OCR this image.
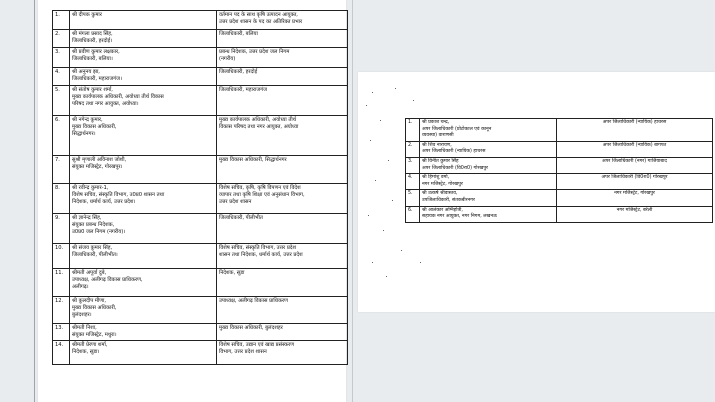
1.	श्री दीपक कुमार	वर्तमान पद के साथ कृषि उत्पादन आयुक्त,
उत्तर प्रदेश शासन के पद का अतिरिक्त प्रभार

2.	श्री मंगला प्रसाद सिंह,
जिलाधिकारी, हरदोई।	जिलाधिकारी, बलिया

3.	श्री प्रवीण कुमार लक्षकार,
जिलाधिकारी, बलिया।	प्रबन्ध निदेशक, उत्तर प्रदेश जल निगम
(नगरीय)

4.	श्री अनुनय झा,
जिलाधिकारी, महाराजगंज।	जिलाधिकारी, हरदोई

5.	श्री संतोष कुमार शर्मा,
मुख्य कार्यपालक अधिकारी, अयोध्या तीर्थ विकास
परिषद तथा नगर आयुक्त, अयोध्या।	जिलाधिकारी, महाराजगंज

6.	श्री नगेन्द्र कुमार,
मुख्य विकास अधिकारी,
सिद्धार्थनगर।	मुख्य कार्यपालक अधिकारी, अयोध्या तीर्थ
विकास परिषद तथा नगर आयुक्त, अयोध्या

7.	सुश्री मृणाली अविनाश जोशी,
संयुक्त मजिस्ट्रेट, गोरखपुर।	मुख्य विकास अधिकारी, सिद्धार्थनगर

8.	श्री रवीन्द्र कुमार-1,
विशेष सचिव, संस्कृति विभाग, उ0प्र0 शासन तथा
निदेशक, धर्मार्थ कार्य, उत्तर प्रदेश।	विशेष सचिव, कृषि, कृषि विपणन एवं विदेश
व्यापार तथा कृषि शिक्षा एवं अनुसंधान विभाग,
उत्तर प्रदेश शासन

9.	श्री ज्ञानेन्द्र सिंह,
संयुक्त प्रबन्ध निदेशक,
उ0प्र0 जल निगम (नगरीय)।	जिलाधिकारी, पीलीभीत

10.	श्री संजय कुमार सिंह,
जिलाधिकारी, पीलीभीत।	विशेष सचिव, संस्कृति विभाग, उत्तर प्रदेश
शासन तथा निदेशक, धर्मार्थ कार्य, उत्तर प्रदेश

11.	श्रीमती अपूर्वा दुबे,
उपाध्यक्ष, अलीगढ़ विकास प्राधिकरण,
अलीगढ़।	निदेशक, सूडा

12.	श्री कुलदीप मीणा,
मुख्य विकास अधिकारी,
बुलंदशहर।	उपाध्यक्ष, अलीगढ़ विकास प्राधिकरण

13.	श्रीमती निशा,
संयुक्त मजिस्ट्रेट, मथुरा।	मुख्य विकास अधिकारी, बुलंदशहर

14.	श्रीमती प्रेरणा शर्मा,
निदेशक, सूडा।	विशेष सचिव, उद्यान एवं खाद्य प्रसंस्करण
विभाग, उत्तर प्रदेश शासन
1.	श्री प्रकाश चन्द्र,
अपर जिलाधिकारी (प्रोटोकाल एवं कानून
व्यवस्था) वाराणसी	अपर जिलाधिकारी (न्यायिक) हाथरस

2.	श्री शिव नारायण,
अपर जिलाधिकारी (न्यायिक) हाथरस	अपर जिलाधिकारी (न्यायिक) बागपत

3.	श्री विनीत कुमार सिंह
अपर जिलाधिकारी (वि0रा0) गोरखपुर	अपर जिलाधिकारी (नगर) गाजियाबाद

4.	श्री हिमांशु वर्मा,
नगर मजिस्ट्रेट, गोरखपुर	अपर जिलाधिकारी (वि0रा0) गोरखपुर

5.	श्री उत्कर्ष श्रीवास्तव,
उपजिलाधिकारी, संतकबीरनगर	नगर मजिस्ट्रेट, गोरखपुर

6.	श्री आलंकार अग्निहोत्री,
सहायक नगर आयुक्त, नगर निगम, लखनऊ	नगर मजिस्ट्रेट, बरेली
